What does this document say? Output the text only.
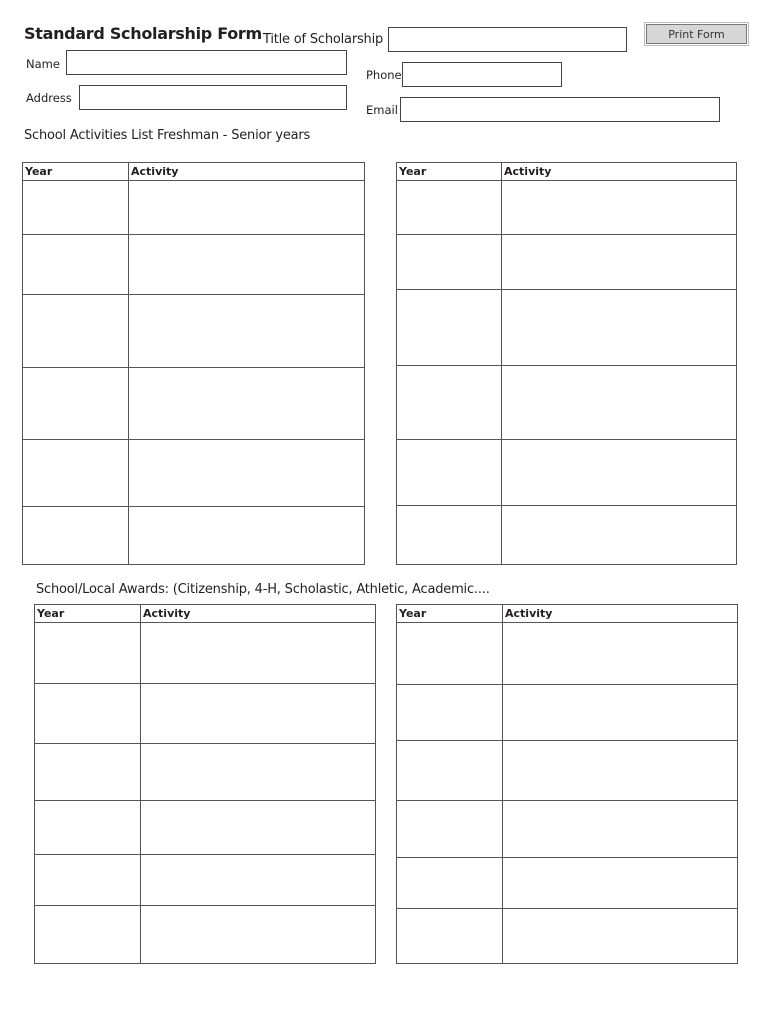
Standard Scholarship Form Title of Scholarship	Print Form
Name
Phone
Address
Email
School Activities List Freshman - Senior years
Year	Activity

		Year	Activity

School/Local Awards: (Citizenship, 4-H, Scholastic, Athletic, Academic....
Year	Activity

		Year	Activity
